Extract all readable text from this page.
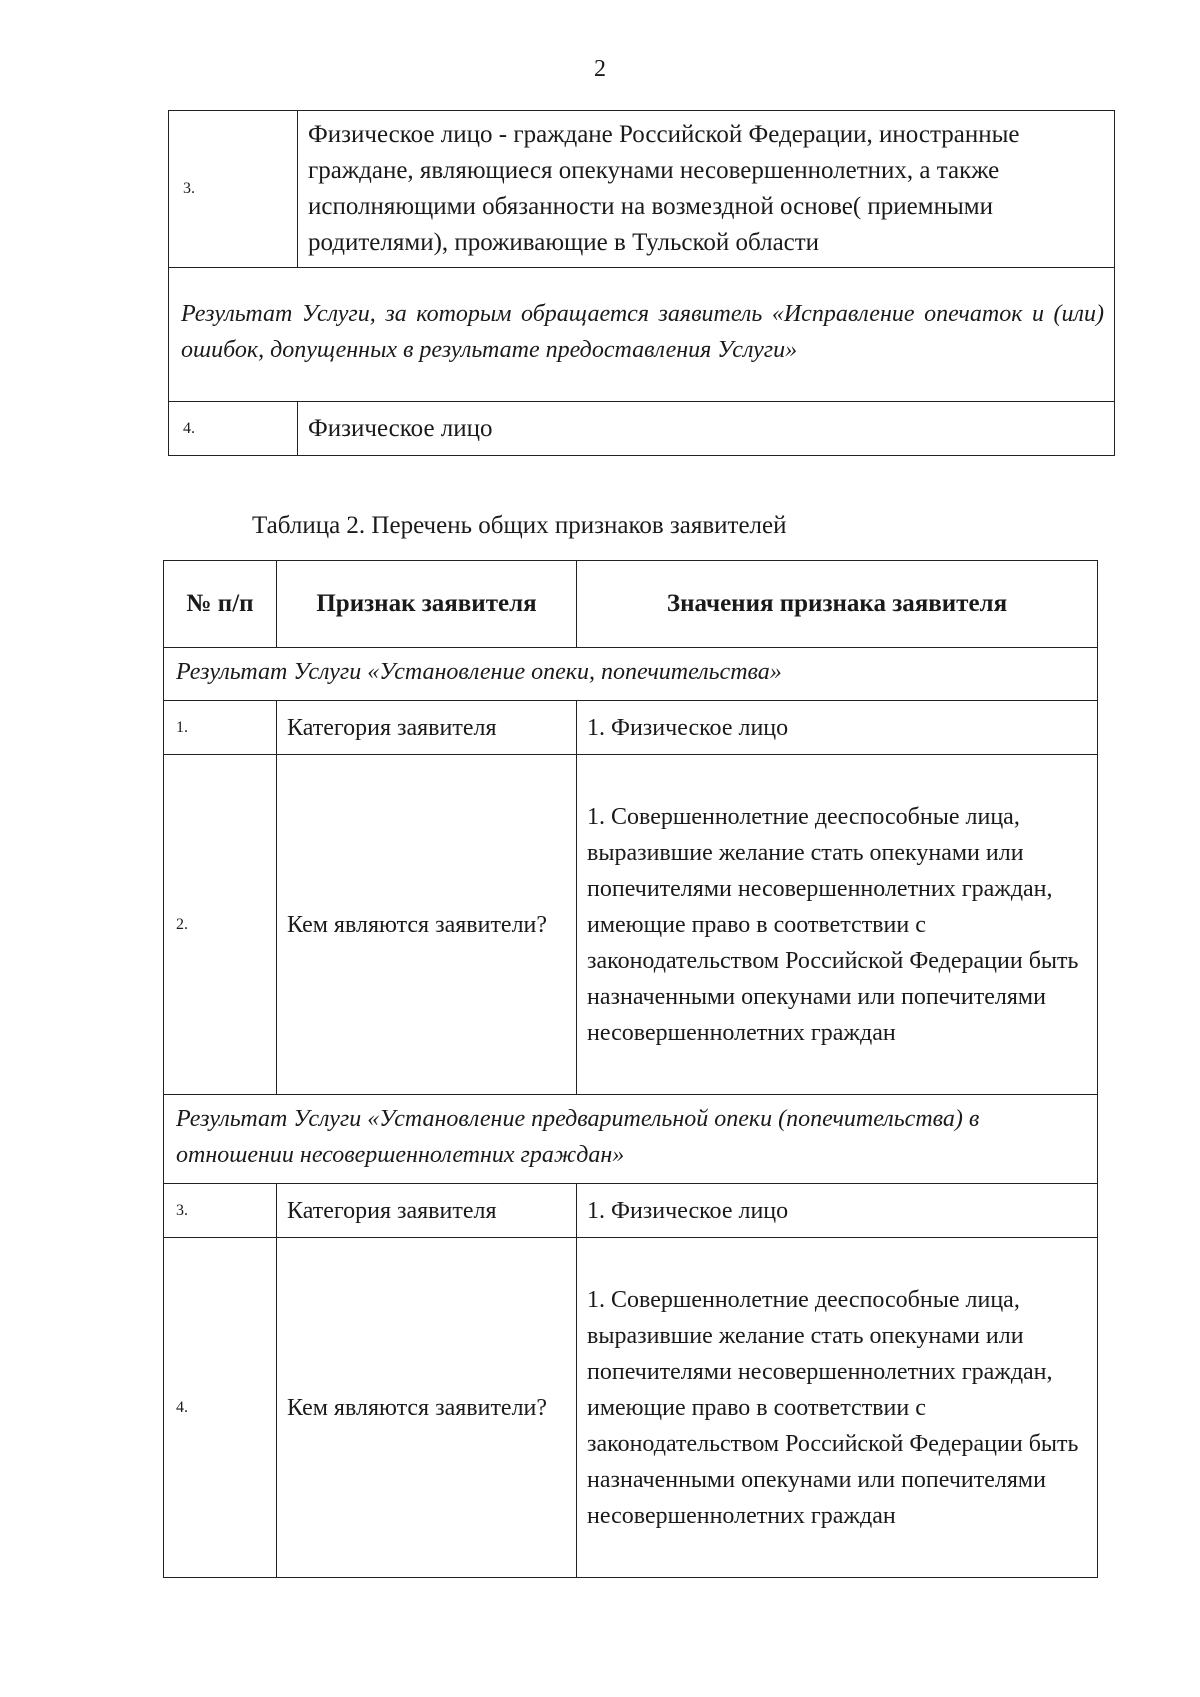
2
3.	Физическое лицо - граждане Российской Федерации, иностранные граждане, являющиеся опекунами несовершеннолетних, а также исполняющими обязанности на возмездной основе( приемными родителями), проживающие в Тульской области
Результат Услуги, за которым обращается заявитель «Исправление опечаток и (или) ошибок, допущенных в результате предоставления Услуги»	
4.	Физическое лицо
Таблица 2. Перечень общих признаков заявителей
№ п/п	Признак заявителя	Значения признака заявителя
Результат Услуги «Установление опеки, попечительства»		
1.	Категория заявителя	1. Физическое лицо
2.	Кем являются заявители?	1. Совершеннолетние дееспособные лица, выразившие желание стать опекунами или попечителями несовершеннолетних граждан, имеющие право в соответствии с законодательством Российской Федерации быть назначенными опекунами или попечителями несовершеннолетних граждан
Результат Услуги «Установление предварительной опеки (попечительства) в отношении несовершеннолетних граждан»		
3.	Категория заявителя	1. Физическое лицо
4.	Кем являются заявители?	1. Совершеннолетние дееспособные лица, выразившие желание стать опекунами или попечителями несовершеннолетних граждан, имеющие право в соответствии с законодательством Российской Федерации быть назначенными опекунами или попечителями несовершеннолетних граждан
